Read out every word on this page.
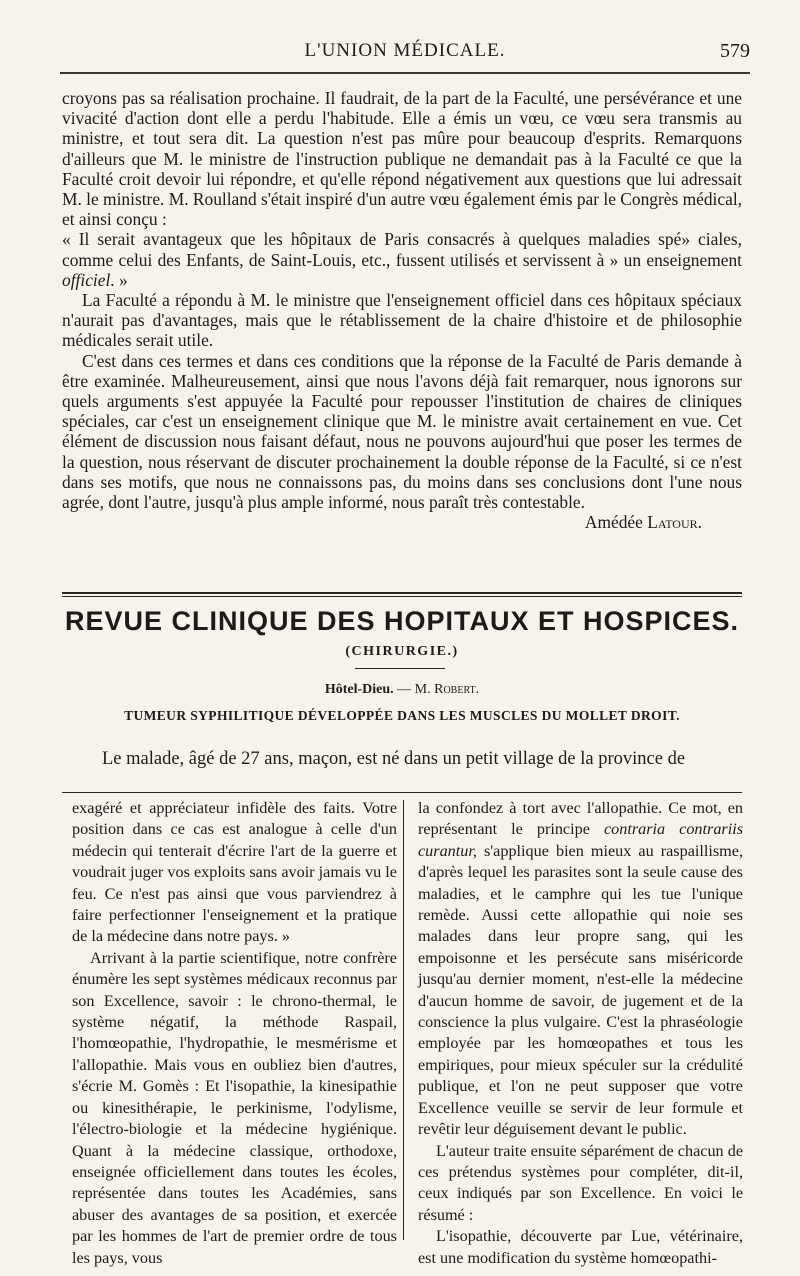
L'UNION MÉDICALE.	579

croyons pas sa réalisation prochaine. Il faudrait, de la part de la Faculté, une persévérance et une vivacité d'action dont elle a perdu l'habitude. Elle a émis un vœu, ce vœu sera transmis au ministre, et tout sera dit. La question n'est pas mûre pour beaucoup d'esprits. Remarquons d'ailleurs que M. le ministre de l'instruction publique ne demandait pas à la Faculté ce que la Faculté croit devoir lui répondre, et qu'elle répond négativement aux questions que lui adressait M. le ministre. M. Roulland s'était inspiré d'un autre vœu également émis par le Congrès médical, et ainsi conçu :

« Il serait avantageux que les hôpitaux de Paris consacrés à quelques maladies spé» ciales, comme celui des Enfants, de Saint-Louis, etc., fussent utilisés et servissent à » un enseignement officiel. »

La Faculté a répondu à M. le ministre que l'enseignement officiel dans ces hôpitaux spéciaux n'aurait pas d'avantages, mais que le rétablissement de la chaire d'histoire et de philosophie médicales serait utile.

C'est dans ces termes et dans ces conditions que la réponse de la Faculté de Paris demande à être examinée. Malheureusement, ainsi que nous l'avons déjà fait remarquer, nous ignorons sur quels arguments s'est appuyée la Faculté pour repousser l'institution de chaires de cliniques spéciales, car c'est un enseignement clinique que M. le ministre avait certainement en vue. Cet élément de discussion nous faisant défaut, nous ne pouvons aujourd'hui que poser les termes de la question, nous réservant de discuter prochainement la double réponse de la Faculté, si ce n'est dans ses motifs, que nous ne connaissons pas, du moins dans ses conclusions dont l'une nous agrée, dont l'autre, jusqu'à plus ample informé, nous paraît très contestable.

Amédée Latour.
REVUE CLINIQUE DES HOPITAUX ET HOSPICES.
(CHIRURGIE.)
Hôtel-Dieu. — M. Robert.
TUMEUR SYPHILITIQUE DÉVELOPPÉE DANS LES MUSCLES DU MOLLET DROIT.
Le malade, âgé de 27 ans, maçon, est né dans un petit village de la province de

exagéré et appréciateur infidèle des faits. Votre position dans ce cas est analogue à celle d'un médecin qui tenterait d'écrire l'art de la guerre et voudrait juger vos exploits sans avoir jamais vu le feu. Ce n'est pas ainsi que vous parviendrez à faire perfectionner l'enseignement et la pratique de la médecine dans notre pays. »

Arrivant à la partie scientifique, notre confrère énumère les sept systèmes médicaux reconnus par son Excellence, savoir : le chrono-thermal, le système négatif, la méthode Raspail, l'homœopathie, l'hydropathie, le mesmérisme et l'allopathie. Mais vous en oubliez bien d'autres, s'écrie M. Gomès : Et l'isopathie, la kinesipathie ou kinesithérapie, le perkinisme, l'odylisme, l'électro-biologie et la médecine hygiénique. Quant à la médecine classique, orthodoxe, enseignée officiellement dans toutes les écoles, représentée dans toutes les Académies, sans abuser des avantages de sa position, et exercée par les hommes de l'art de premier ordre de tous les pays, vous

la confondez à tort avec l'allopathie. Ce mot, en représentant le principe contraria contrariis curantur, s'applique bien mieux au raspaillisme, d'après lequel les parasites sont la seule cause des maladies, et le camphre qui les tue l'unique remède. Aussi cette allopathie qui noie ses malades dans leur propre sang, qui les empoisonne et les persécute sans miséricorde jusqu'au dernier moment, n'est-elle la médecine d'aucun homme de savoir, de jugement et de la conscience la plus vulgaire. C'est la phraséologie employée par les homœopathes et tous les empiriques, pour mieux spéculer sur la crédulité publique, et l'on ne peut supposer que votre Excellence veuille se servir de leur formule et revêtir leur déguisement devant le public.

L'auteur traite ensuite séparément de chacun de ces prétendus systèmes pour compléter, dit-il, ceux indiqués par son Excellence. En voici le résumé :

L'isopathie, découverte par Lue, vétérinaire, est une modification du système homœopathi-
